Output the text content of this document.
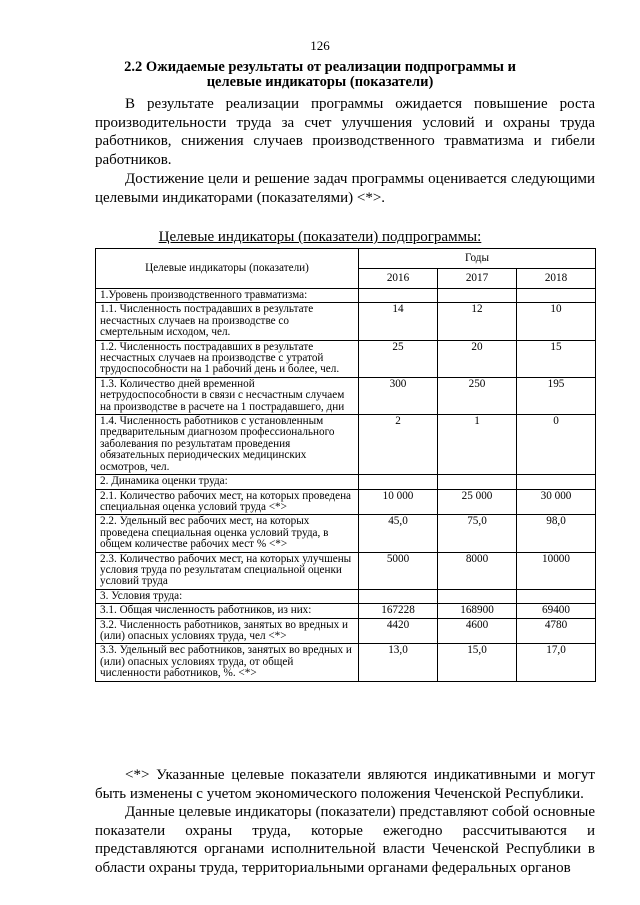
126
2.2 Ожидаемые результаты от реализации подпрограммы и целевые индикаторы (показатели)

В результате реализации программы ожидается повышение роста производительности труда за счет улучшения условий и охраны труда работников, снижения случаев производственного травматизма и гибели работников.

Достижение цели и решение задач программы оценивается следующими целевыми индикаторами (показателями) <*>.

Целевые индикаторы (показатели) подпрограммы:
Целевые индикаторы (показатели)	Годы		
	2016	2017	2018
1.Уровень производственного травматизма:			
1.1. Численность пострадавших в результате несчастных случаев на производстве со смертельным исходом, чел.	14	12	10
1.2. Численность пострадавших в результате несчастных случаев на производстве с утратой трудоспособности на 1 рабочий день и более, чел.	25	20	15
1.3. Количество дней временной нетрудоспособности в связи с несчастным случаем на производстве в расчете на 1 пострадавшего, дни	300	250	195
1.4. Численность работников с установленным предварительным диагнозом профессионального заболевания по результатам проведения обязательных периодических медицинских осмотров, чел.	2	1	0
2. Динамика оценки труда:			
2.1. Количество рабочих мест, на которых проведена специальная оценка условий труда <*>	10 000	25 000	30 000
2.2. Удельный вес рабочих мест, на которых проведена специальная оценка условий труда, в общем количестве рабочих мест % <*>	45,0	75,0	98,0
2.3. Количество рабочих мест, на которых улучшены условия труда по результатам специальной оценки условий труда	5000	8000	10000
3. Условия труда:			
3.1. Общая численность работников, из них:	167228	168900	69400
3.2. Численность работников, занятых во вредных и (или) опасных условиях труда, чел <*>	4420	4600	4780
3.3. Удельный вес работников, занятых во вредных и (или) опасных условиях труда, от общей численности работников, %. <*>	13,0	15,0	17,0

<*> Указанные целевые показатели являются индикативными и могут быть изменены с учетом экономического положения Чеченской Республики.

Данные целевые индикаторы (показатели) представляют собой основные показатели охраны труда, которые ежегодно рассчитываются и представляются органами исполнительной власти Чеченской Республики в области охраны труда, территориальными органами федеральных органов
